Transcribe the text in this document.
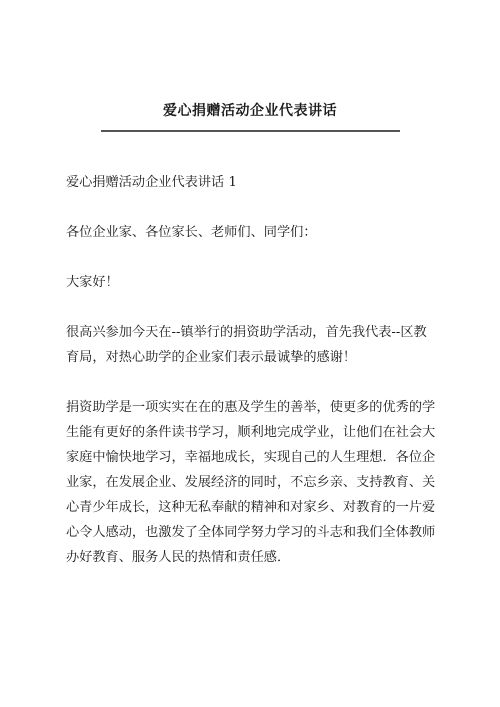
爱心捐赠活动企业代表讲话

爱心捐赠活动企业代表讲话 1

各位企业家、各位家长、老师们、同学们：

大家好！

很高兴参加今天在--镇举行的捐资助学活动，首先我代表--区教育局，对热心助学的企业家们表示最诚挚的感谢！

捐资助学是一项实实在在的惠及学生的善举，使更多的优秀的学生能有更好的条件读书学习，顺利地完成学业，让他们在社会大家庭中愉快地学习，幸福地成长，实现自己的人生理想．各位企业家，在发展企业、发展经济的同时，不忘乡亲、支持教育、关心青少年成长，这种无私奉献的精神和对家乡、对教育的一片爱心令人感动，也激发了全体同学努力学习的斗志和我们全体教师办好教育、服务人民的热情和责任感．
